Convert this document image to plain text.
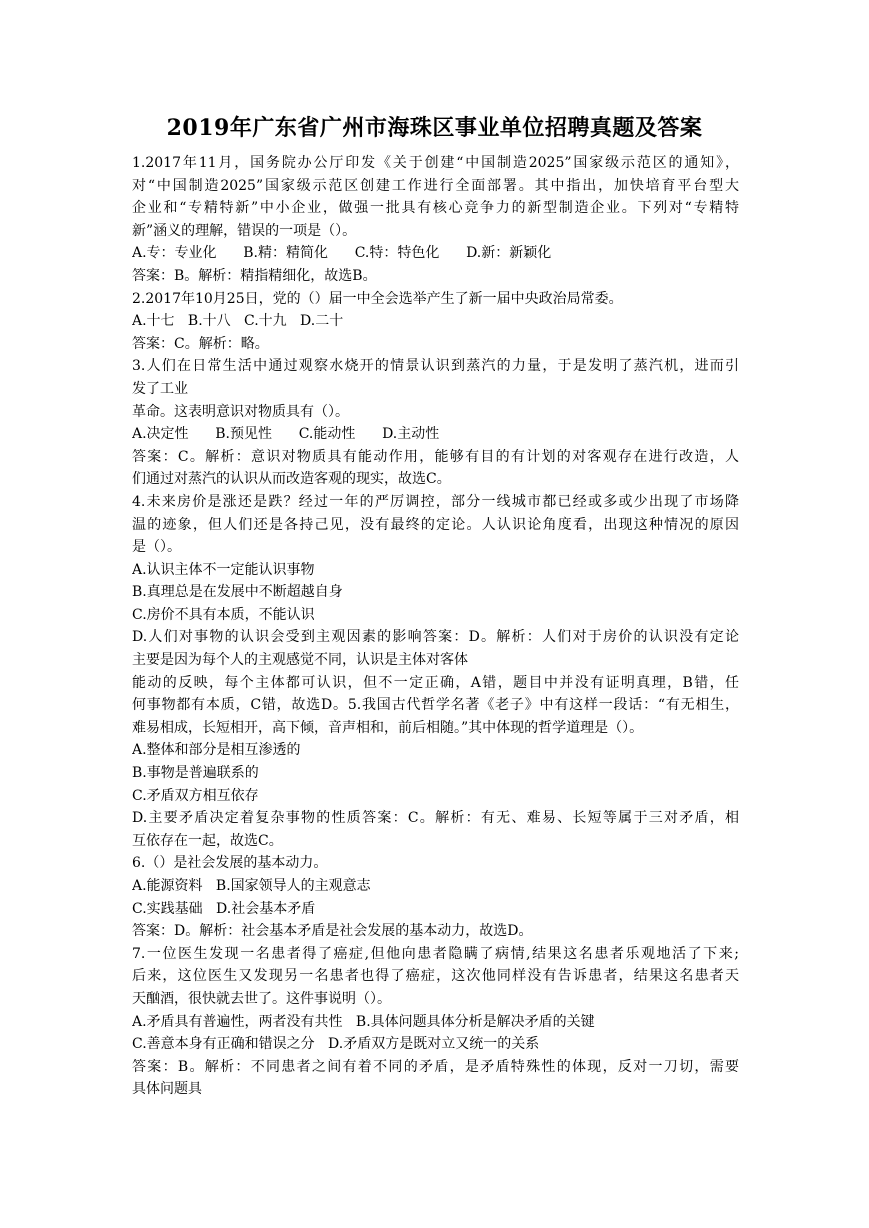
2019年广东省广州市海珠区事业单位招聘真题及答案
1.2017年11月，国务院办公厅印发《关于创建“中国制造2025”国家级示范区的通知》，
对“中国制造2025”国家级示范区创建工作进行全面部署。其中指出，加快培育平台型大
企业和“专精特新”中小企业，做强一批具有核心竞争力的新型制造企业。下列对“专精特
新”涵义的理解，错误的一项是（）。
A.专：专业化      B.精：精简化      C.特：特色化      D.新：新颖化
答案：B。解析：精指精细化，故选B。
2.2017年10月25日，党的（）届一中全会选举产生了新一届中央政治局常委。
A.十七   B.十八   C.十九   D.二十
答案：C。解析：略。
3.人们在日常生活中通过观察水烧开的情景认识到蒸汽的力量，于是发明了蒸汽机，进而引
发了工业
革命。这表明意识对物质具有（）。
A.决定性      B.预见性      C.能动性      D.主动性
答案：C。解析：意识对物质具有能动作用，能够有目的有计划的对客观存在进行改造，人
们通过对蒸汽的认识从而改造客观的现实，故选C。
4.未来房价是涨还是跌？经过一年的严厉调控，部分一线城市都已经或多或少出现了市场降
温的迹象，但人们还是各持己见，没有最终的定论。人认识论角度看，出现这种情况的原因
是（）。
A.认识主体不一定能认识事物
B.真理总是在发展中不断超越自身
C.房价不具有本质，不能认识
D.人们对事物的认识会受到主观因素的影响答案：D。解析：人们对于房价的认识没有定论
主要是因为每个人的主观感觉不同，认识是主体对客体
能动的反映，每个主体都可认识，但不一定正确，A错，题目中并没有证明真理，B错，任
何事物都有本质，C错，故选D。5.我国古代哲学名著《老子》中有这样一段话：“有无相生，
难易相成，长短相开，高下倾，音声相和，前后相随。”其中体现的哲学道理是（）。
A.整体和部分是相互渗透的
B.事物是普遍联系的
C.矛盾双方相互依存
D.主要矛盾决定着复杂事物的性质答案：C。解析：有无、难易、长短等属于三对矛盾，相
互依存在一起，故选C。
6.（）是社会发展的基本动力。
A.能源资料   B.国家领导人的主观意志
C.实践基础   D.社会基本矛盾
答案：D。解析：社会基本矛盾是社会发展的基本动力，故选D。
7.一位医生发现一名患者得了癌症,但他向患者隐瞒了病情,结果这名患者乐观地活了下来;
后来，这位医生又发现另一名患者也得了癌症，这次他同样没有告诉患者，结果这名患者天
天酗酒，很快就去世了。这件事说明（）。
A.矛盾具有普遍性，两者没有共性   B.具体问题具体分析是解决矛盾的关键
C.善意本身有正确和错误之分   D.矛盾双方是既对立又统一的关系
答案：B。解析：不同患者之间有着不同的矛盾，是矛盾特殊性的体现，反对一刀切，需要
具体问题具
